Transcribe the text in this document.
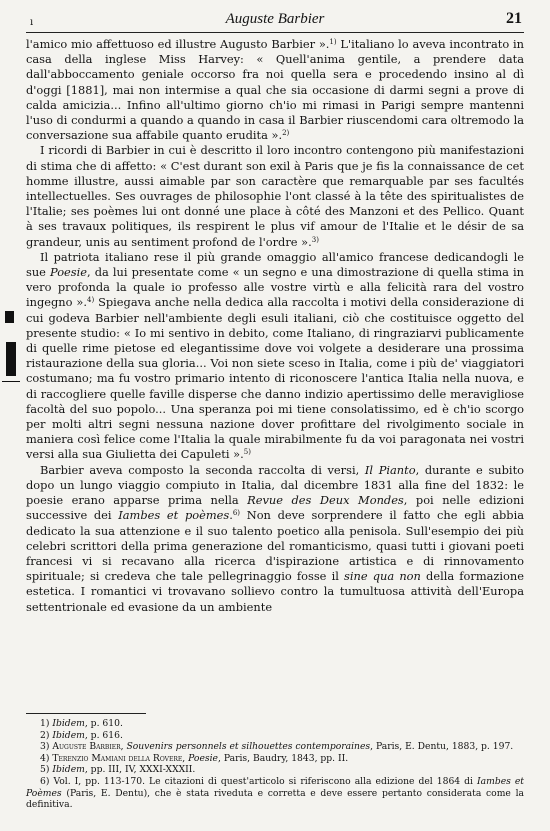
ı	Auguste Barbier	21

l'amico mio affettuoso ed illustre Augusto Barbier ».$^{1)}$ L'italiano lo aveva incontrato in casa della inglese Miss Harvey: « Quell'anima gentile, a prendere data dall'abboccamento geniale occorso fra noi quella sera e procedendo insino al dì d'oggi [1881], mai non intermise a qual che sia occasione di darmi segni a prove di calda amicizia... Infino all'ultimo giorno ch'io mi rimasi in Parigi sempre mantenni l'uso di condurmi a quando a quando in casa il Barbier riuscendomi cara oltremodo la conversazione sua affabile quanto erudita ».$^{2)}$

I ricordi di Barbier in cui è descritto il loro incontro contengono più manifestazioni di stima che di affetto: « C'est durant son exil à Paris que je fis la connaissance de cet homme illustre, aussi aimable par son caractère que remarquable par ses facultés intellectuelles. Ses ouvrages de philosophie l'ont classé à la tête des spiritualistes de l'Italie; ses poèmes lui ont donné une place à côté des Manzoni et des Pellico. Quant à ses travaux politiques, ils respirent le plus vif amour de l'Italie et le désir de sa grandeur, unis au sentiment profond de l'ordre ».$^{3)}$

Il patriota italiano rese il più grande omaggio all'amico francese dedicandogli le sue Poesie, da lui presentate come « un segno e una dimostrazione di quella stima in vero profonda la quale io professo alle vostre virtù e alla felicità rara del vostro ingegno ».$^{4)}$ Spiegava anche nella dedica alla raccolta i motivi della considerazione di cui godeva Barbier nell'ambiente degli esuli italiani, ciò che costituisce oggetto del presente studio: « Io mi sentivo in debito, come Italiano, di ringraziarvi publicamente di quelle rime pietose ed elegantissime dove voi volgete a desiderare una prossima ristaurazione della sua gloria... Voi non siete sceso in Italia, come i più de' viaggiatori costumano; ma fu vostro primario intento di riconoscere l'antica Italia nella nuova, e di raccogliere quelle faville disperse che danno indizio apertissimo delle meravigliose facoltà del suo popolo... Una speranza poi mi tiene consolatissimo, ed è ch'io scorgo per molti altri segni nessuna nazione dover profittare del rivolgimento sociale in maniera così felice come l'Italia la quale mirabilmente fu da voi paragonata nei vostri versi alla sua Giulietta dei Capuleti ».$^{5)}$

Barbier aveva composto la seconda raccolta di versi, Il Pianto, durante e subito dopo un lungo viaggio compiuto in Italia, dal dicembre 1831 alla fine del 1832: le poesie erano apparse prima nella Revue des Deux Mondes, poi nelle edizioni successive dei Iambes et poèmes.$^{6)}$ Non deve sorprendere il fatto che egli abbia dedicato la sua attenzione e il suo talento poetico alla penisola. Sull'esempio dei più celebri scrittori della prima generazione del romanticismo, quasi tutti i giovani poeti francesi vi si recavano alla ricerca d'ispirazione artistica e di rinnovamento spirituale; si credeva che tale pellegrinaggio fosse il sine qua non della formazione estetica. I romantici vi trovavano sollievo contro la tumultuosa attività dell'Europa settentrionale ed evasione da un ambiente

1) Ibidem, p. 610.

2) Ibidem, p. 616.

3) Auguste Barbier, Souvenirs personnels et silhouettes contemporaines, Paris, E. Dentu, 1883, p. 197.

4) Terenzio Mamiani della Rovere, Poesie, Paris, Baudry, 1843, pp. II.

5) Ibidem, pp. III, IV, XXXI-XXXII.

6) Vol. I, pp. 113-170. Le citazioni di quest'articolo si riferiscono alla edizione del 1864 di Iambes et Poèmes (Paris, E. Dentu), che è stata riveduta e corretta e deve essere pertanto considerata come la definitiva.
